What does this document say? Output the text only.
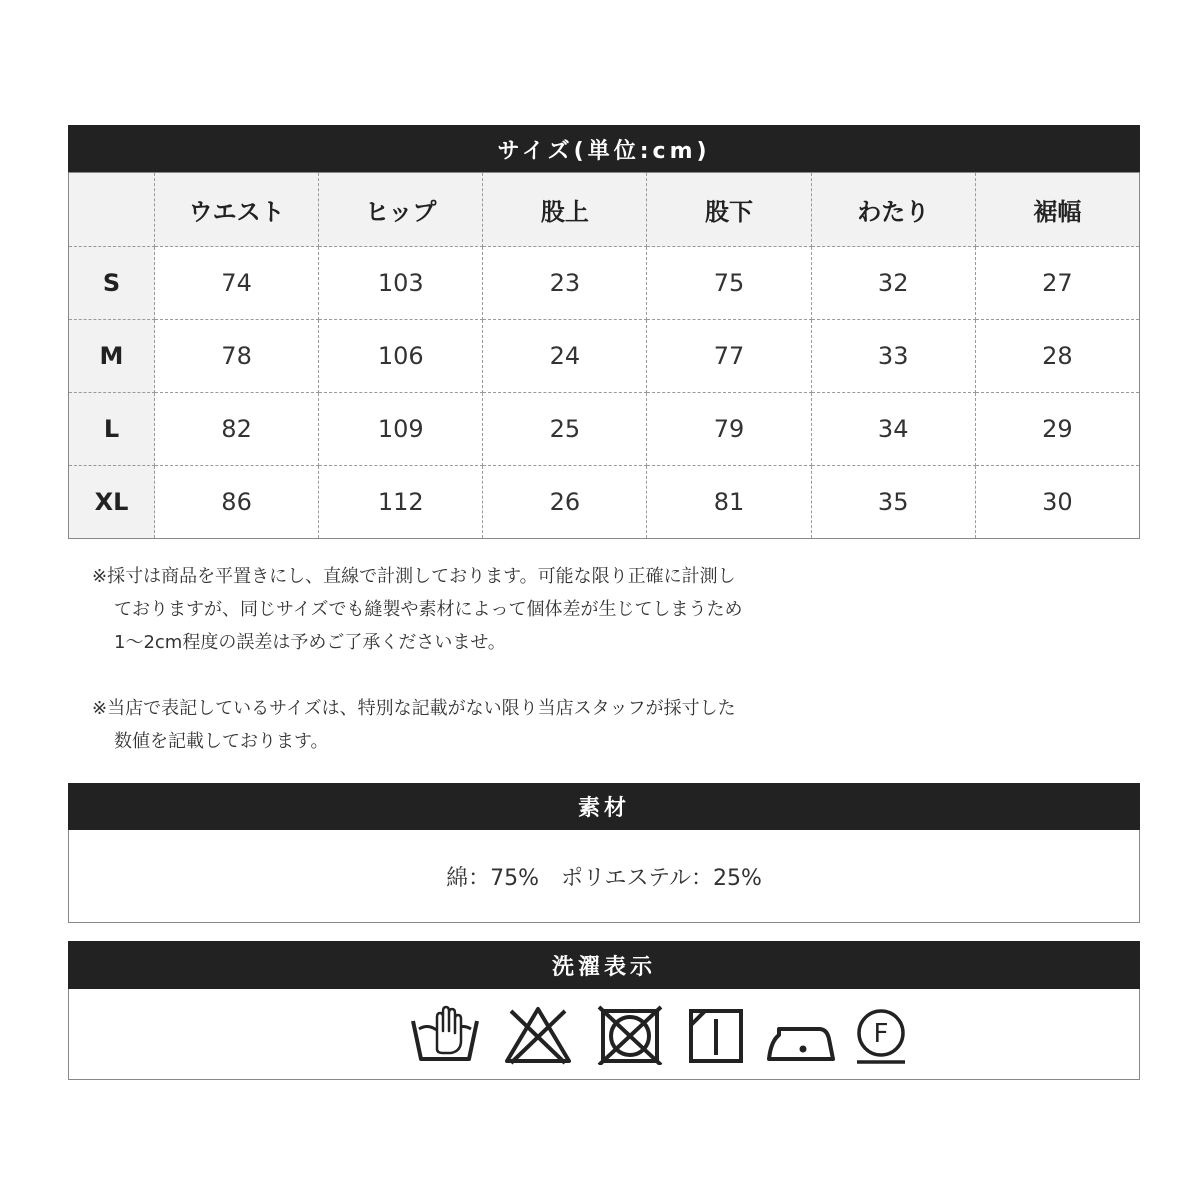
サイズ(単位:cm)
	ウエスト	ヒップ	股上	股下	わたり	裾幅
S	74	103	23	75	32	27
M	78	106	24	77	33	28
L	82	109	25	79	34	29
XL	86	112	26	81	35	30
※採寸は商品を平置きにし、直線で計測しております。可能な限り正確に計測し
ておりますが、同じサイズでも縫製や素材によって個体差が生じてしまうため
1～2cm程度の誤差は予めご了承くださいませ。
※当店で表記しているサイズは、特別な記載がない限り当店スタッフが採寸した
数値を記載しております。
素材
綿：75%　ポリエステル：25%
洗濯表示
F
